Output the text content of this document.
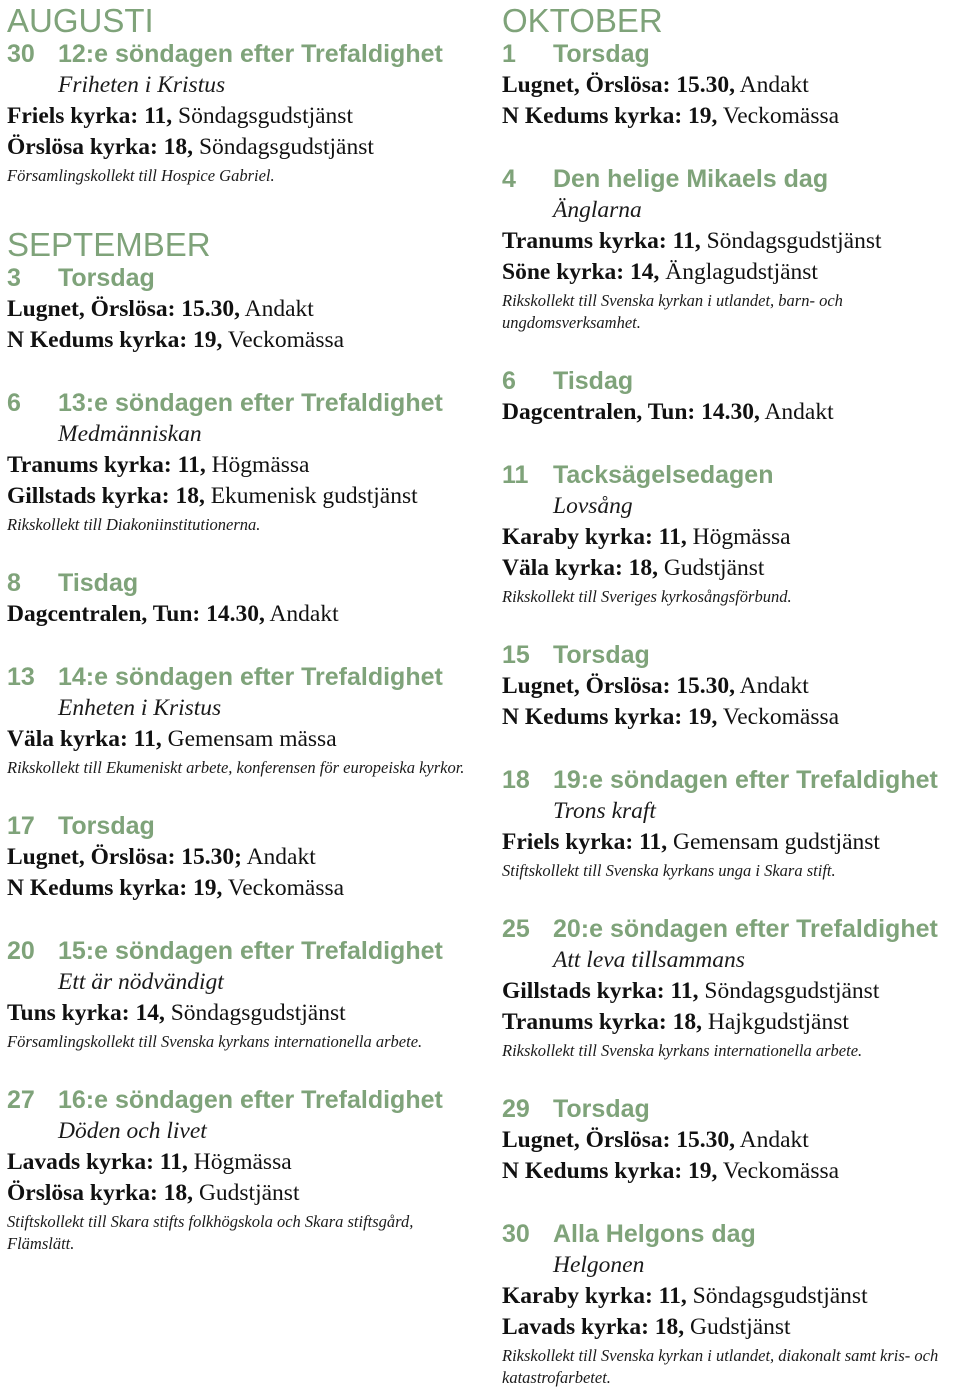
AUGUSTI
30 12:e söndagen efter Trefaldighet
Friheten i Kristus
Friels kyrka: 11, Söndagsgudstjänst
Örslösa kyrka: 18, Söndagsgudstjänst
Församlingskollekt till Hospice Gabriel.
SEPTEMBER
3	Torsdag
Lugnet, Örslösa: 15.30, Andakt
N Kedums kyrka: 19, Veckomässa
6	13:e söndagen efter Trefaldighet
Medmänniskan
Tranums kyrka: 11, Högmässa
Gillstads kyrka: 18, Ekumenisk gudstjänst
Rikskollekt till Diakoniinstitutionerna.
8	Tisdag
Dagcentralen, Tun: 14.30, Andakt
13 14:e söndagen efter Trefaldighet
Enheten i Kristus
Väla kyrka: 11, Gemensam mässa
Rikskollekt till Ekumeniskt arbete, konferensen för europeiska kyrkor.
17 Torsdag
Lugnet, Örslösa: 15.30; Andakt
N Kedums kyrka: 19, Veckomässa
20 15:e söndagen efter Trefaldighet
Ett är nödvändigt
Tuns kyrka: 14, Söndagsgudstjänst
Församlingskollekt till Svenska kyrkans internationella arbete.
27 16:e söndagen efter Trefaldighet
Döden och livet
Lavads kyrka: 11, Högmässa
Örslösa kyrka: 18, Gudstjänst
Stiftskollekt till Skara stifts folkhögskola och Skara stiftsgård, Flämslätt.
OKTOBER
1	Torsdag
Lugnet, Örslösa: 15.30, Andakt
N Kedums kyrka: 19, Veckomässa
4	Den helige Mikaels dag
Änglarna
Tranums kyrka: 11, Söndagsgudstjänst
Söne kyrka: 14, Änglagudstjänst
Rikskollekt till Svenska kyrkan i utlandet, barn- och ungdomsverksamhet.
6	Tisdag
Dagcentralen, Tun: 14.30, Andakt
11 Tacksägelsedagen
Lovsång
Karaby kyrka: 11, Högmässa
Väla kyrka: 18, Gudstjänst
Rikskollekt till Sveriges kyrkosångsförbund.
15 Torsdag
Lugnet, Örslösa: 15.30, Andakt
N Kedums kyrka: 19, Veckomässa
18 19:e söndagen efter Trefaldighet
Trons kraft
Friels kyrka: 11, Gemensam gudstjänst
Stiftskollekt till Svenska kyrkans unga i Skara stift.
25 20:e söndagen efter Trefaldighet
Att leva tillsammans
Gillstads kyrka: 11, Söndagsgudstjänst
Tranums kyrka: 18, Hajkgudstjänst
Rikskollekt till Svenska kyrkans internationella arbete.
29 Torsdag
Lugnet, Örslösa: 15.30, Andakt
N Kedums kyrka: 19, Veckomässa
30 Alla Helgons dag
Helgonen
Karaby kyrka: 11, Söndagsgudstjänst
Lavads kyrka: 18, Gudstjänst
Rikskollekt till Svenska kyrkan i utlandet, diakonalt samt kris- och katastrofarbetet.
